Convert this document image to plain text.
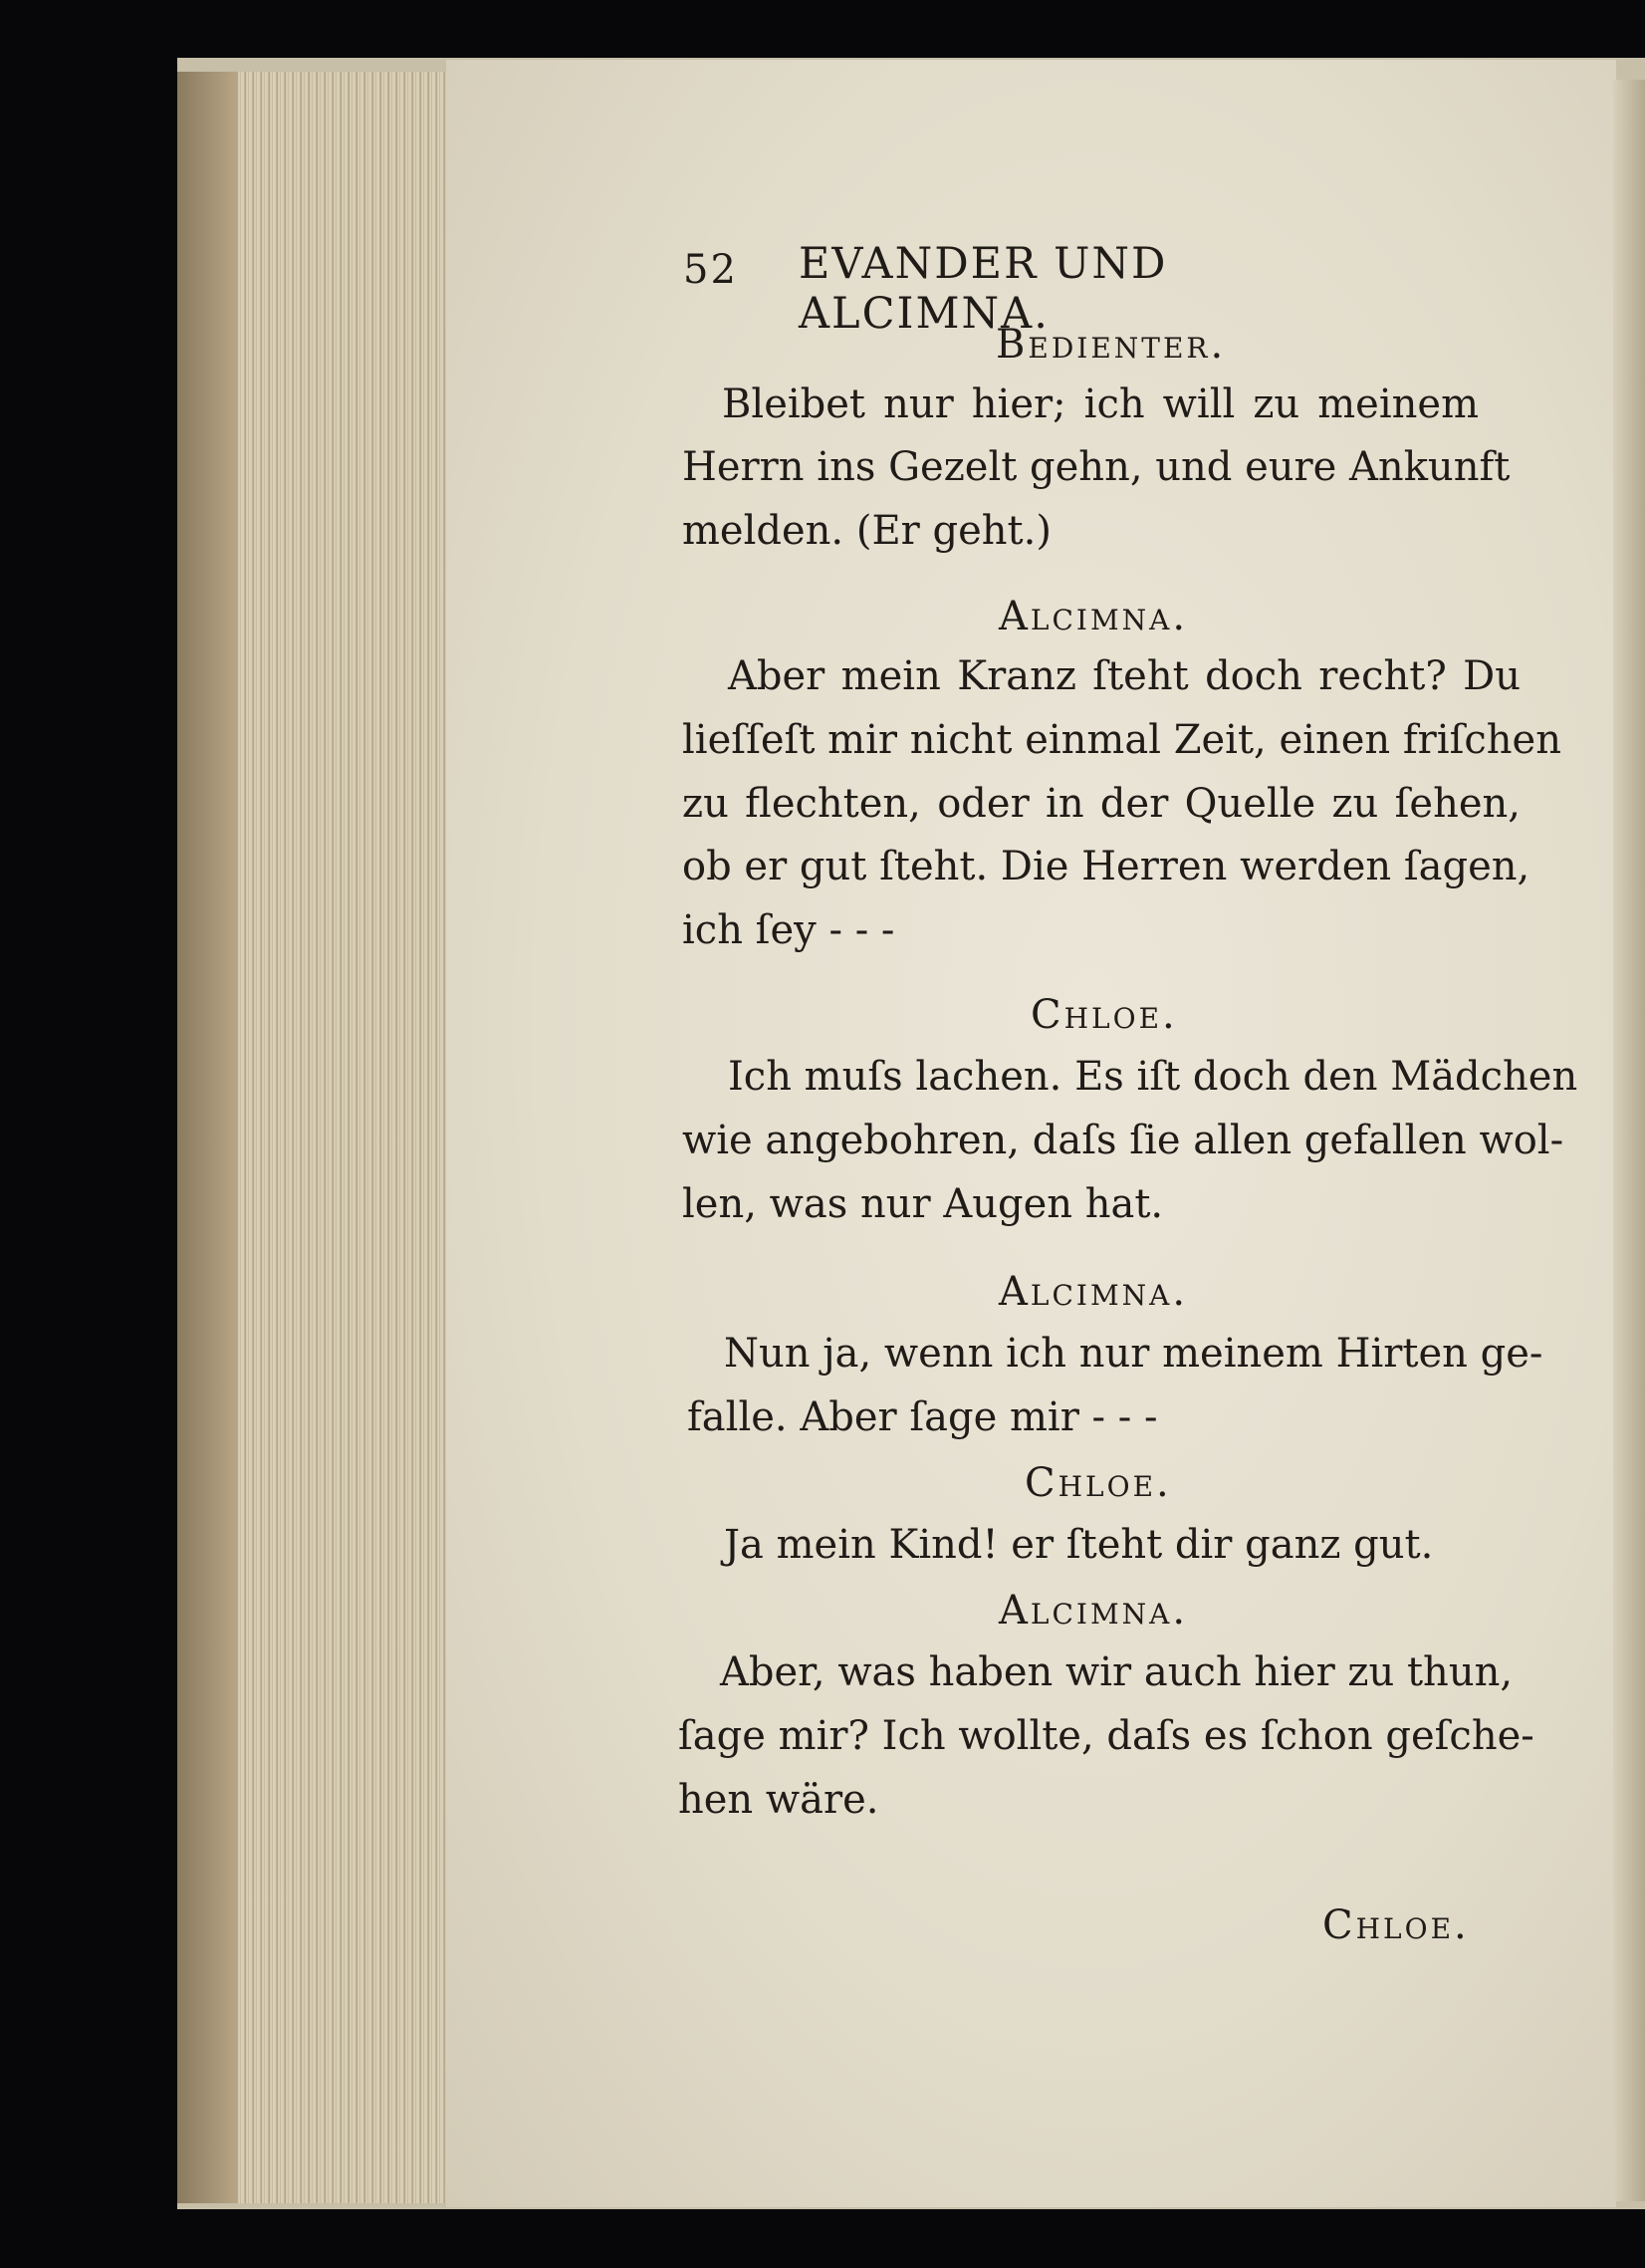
52 EVANDER UND ALCIMNA.
Bedienter.
Bleibet nur hier; ich will zu meinem
Herrn ins Gezelt gehn, und eure Ankunft
melden. (Er geht.)
Alcimna.
Aber mein Kranz ſteht doch recht? Du
lieſſeſt mir nicht einmal Zeit, einen friſchen
zu flechten, oder in der Quelle zu ſehen,
ob er gut ſteht. Die Herren werden ſagen,
ich ſey - - -
Chloe.
Ich muſs lachen. Es iſt doch den Mädchen
wie angebohren, daſs ſie allen gefallen wol-
len, was nur Augen hat.
Alcimna.
Nun ja, wenn ich nur meinem Hirten ge-
falle. Aber ſage mir - - -
Chloe.
Ja mein Kind! er ſteht dir ganz gut.
Alcimna.
Aber, was haben wir auch hier zu thun,
ſage mir? Ich wollte, daſs es ſchon geſche-
hen wäre.
Chloe.
